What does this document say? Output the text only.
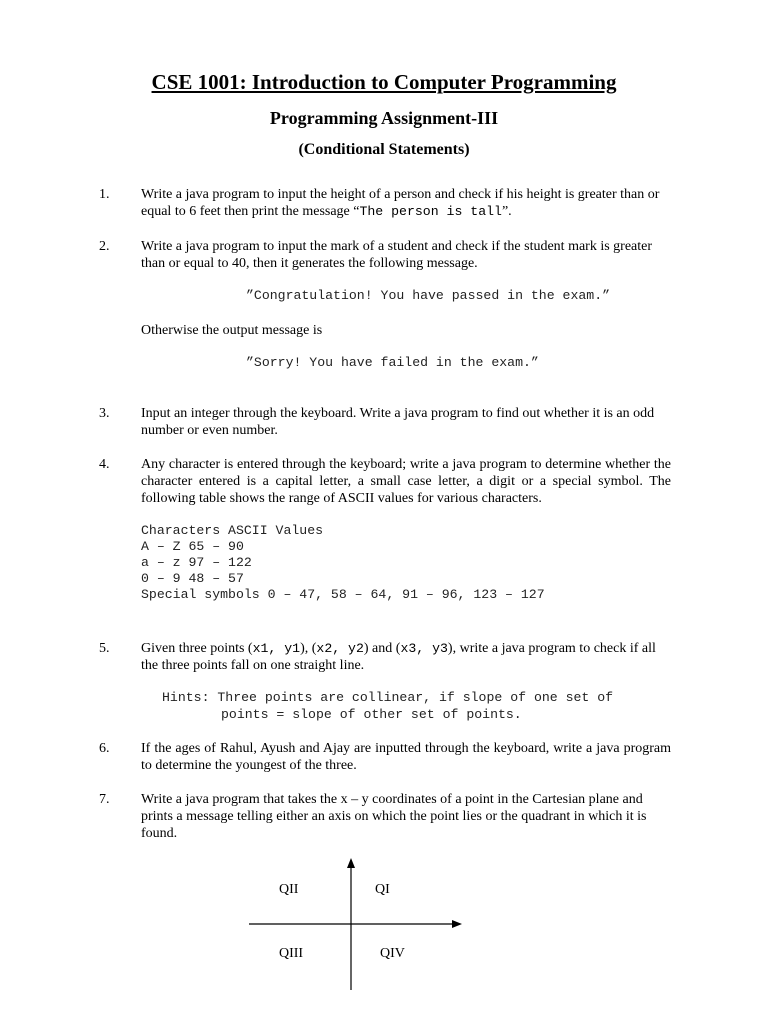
CSE 1001: Introduction to Computer Programming
Programming Assignment-III
(Conditional Statements)
1. Write a java program to input the height of a person and check if his height is greater than or equal to 6 feet then print the message “The person is tall”.
2. Write a java program to input the mark of a student and check if the student mark is greater than or equal to 40, then it generates the following message.
”Congratulation! You have passed in the exam.”
Otherwise the output message is
”Sorry! You have failed in the exam.”
3. Input an integer through the keyboard. Write a java program to find out whether it is an odd number or even number.
4. Any character is entered through the keyboard; write a java program to determine whether the character entered is a capital letter, a small case letter, a digit or a special symbol. The following table shows the range of ASCII values for various characters.
Characters ASCII Values
A – Z 65 – 90
a – z 97 – 122
0 – 9 48 – 57
Special symbols 0 – 47, 58 – 64, 91 – 96, 123 – 127
5. Given three points (x1, y1), (x2, y2) and (x3, y3), write a java program to check if all the three points fall on one straight line.
Hints: Three points are collinear, if slope of one set of
points = slope of other set of points.
6. If the ages of Rahul, Ayush and Ajay are inputted through the keyboard, write a java program to determine the youngest of the three.
7. Write a java program that takes the x – y coordinates of a point in the Cartesian plane and prints a message telling either an axis on which the point lies or the quadrant in which it is found.
QII	QI
QIII	QIV
